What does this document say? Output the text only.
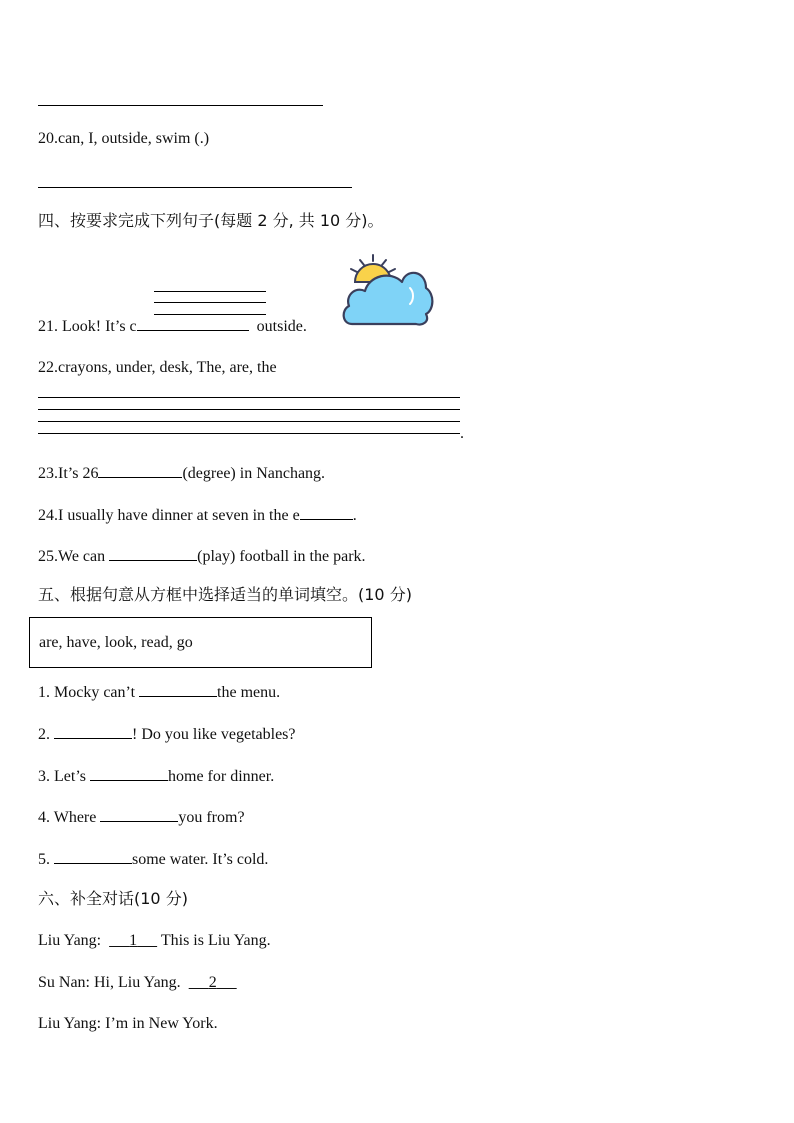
20.can, I, outside, swim (.)
四、按要求完成下列句子(每题 2 分, 共 10 分)。
21. Look! It’s c	outside.
22.crayons, under, desk, The, are, the
.
23.It’s 26	(degree) in Nanchang.
24.I usually have dinner at seven in the e	.
25.We can	(play) football in the park.
五、根据句意从方框中选择适当的单词填空。(10 分)
are, have, look, read, go
1. Mocky can’t	the menu.
2.	! Do you like vegetables?
3. Let’s	home for dinner.
4. Where	you from?
5.	some water. It’s cold.
六、补全对话(10 分)
Liu Yang: 1 This is Liu Yang.
Su Nan: Hi, Liu Yang. 2
Liu Yang: I’m in New York.
